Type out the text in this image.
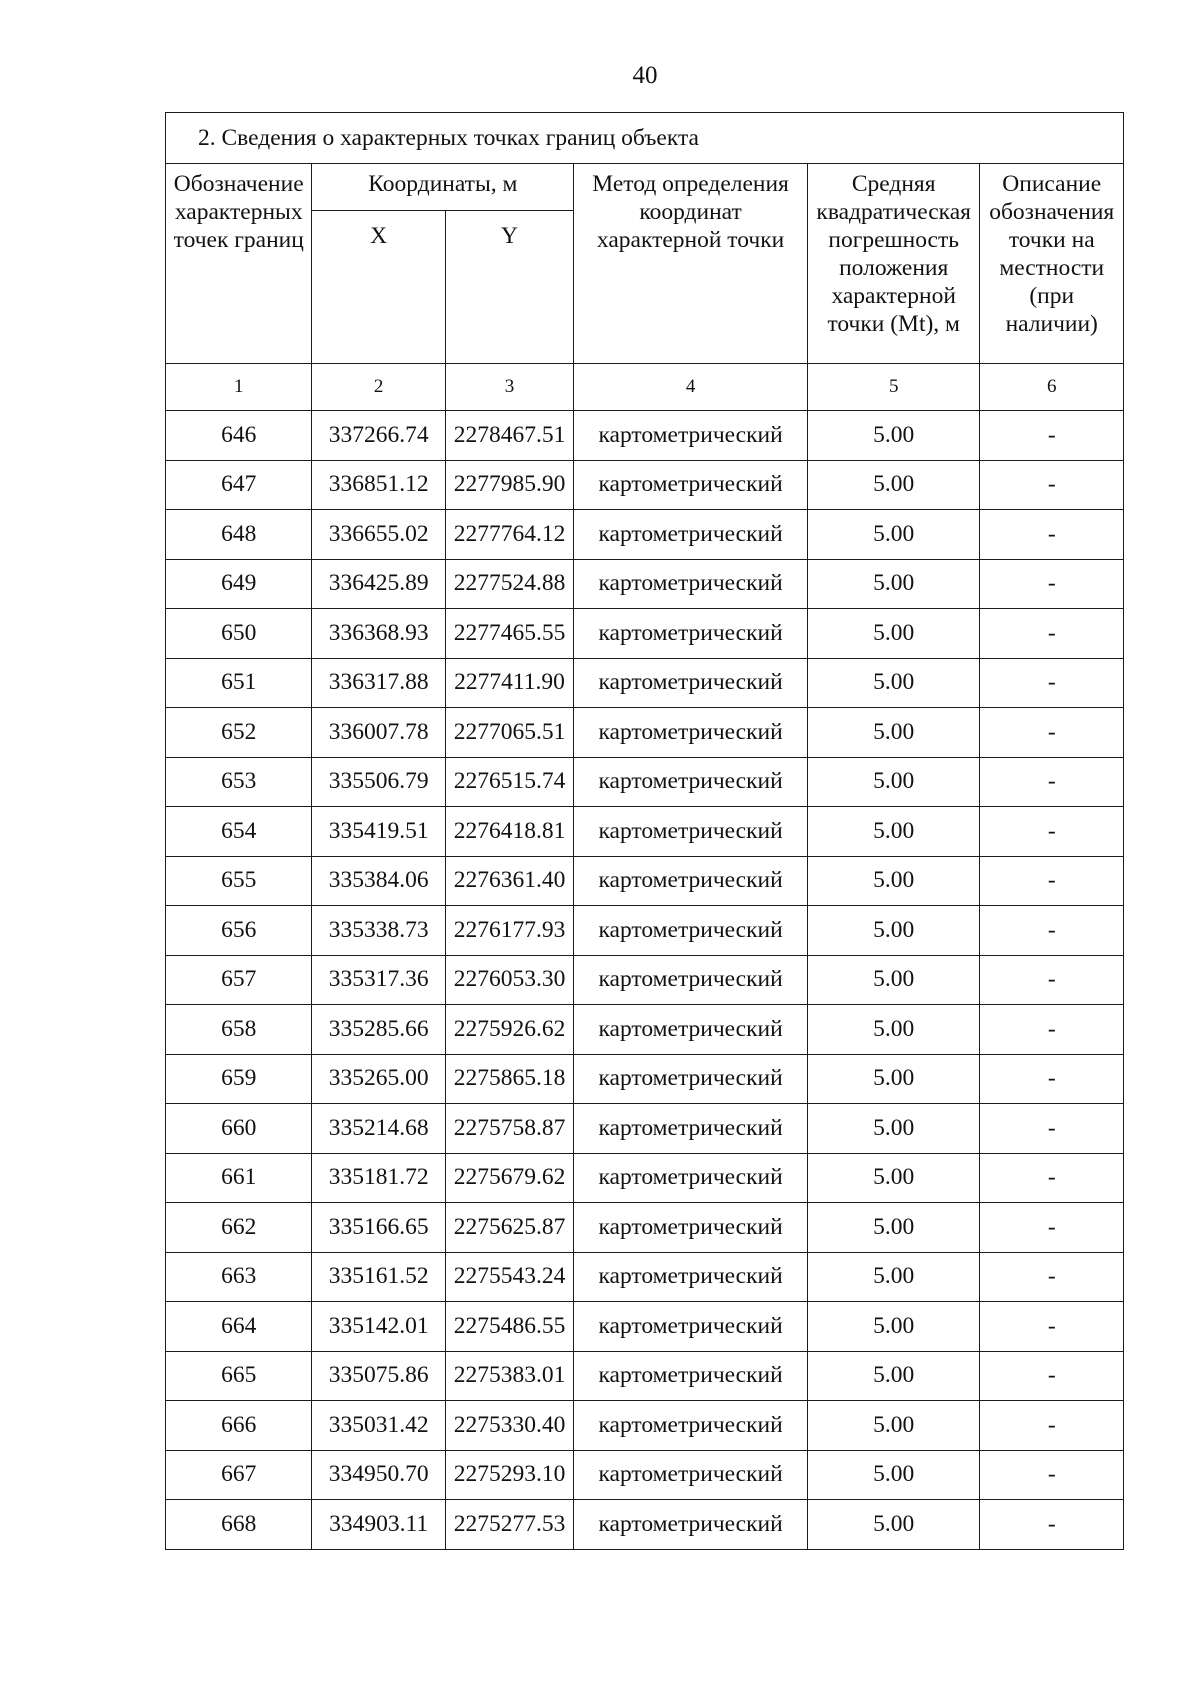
40
2. Сведения о характерных точках границ объекта					
Обозначение характерных точек границ	Координаты, м		Метод определения координат характерной точки	Средняя квадратическая погрешность положения характерной точки (Mt), м	Описание обозначения точки на местности (при наличии)
	X	Y			
1	2	3	4	5	6
646	337266.74	2278467.51	картометрический	5.00	-
647	336851.12	2277985.90	картометрический	5.00	-
648	336655.02	2277764.12	картометрический	5.00	-
649	336425.89	2277524.88	картометрический	5.00	-
650	336368.93	2277465.55	картометрический	5.00	-
651	336317.88	2277411.90	картометрический	5.00	-
652	336007.78	2277065.51	картометрический	5.00	-
653	335506.79	2276515.74	картометрический	5.00	-
654	335419.51	2276418.81	картометрический	5.00	-
655	335384.06	2276361.40	картометрический	5.00	-
656	335338.73	2276177.93	картометрический	5.00	-
657	335317.36	2276053.30	картометрический	5.00	-
658	335285.66	2275926.62	картометрический	5.00	-
659	335265.00	2275865.18	картометрический	5.00	-
660	335214.68	2275758.87	картометрический	5.00	-
661	335181.72	2275679.62	картометрический	5.00	-
662	335166.65	2275625.87	картометрический	5.00	-
663	335161.52	2275543.24	картометрический	5.00	-
664	335142.01	2275486.55	картометрический	5.00	-
665	335075.86	2275383.01	картометрический	5.00	-
666	335031.42	2275330.40	картометрический	5.00	-
667	334950.70	2275293.10	картометрический	5.00	-
668	334903.11	2275277.53	картометрический	5.00	-
